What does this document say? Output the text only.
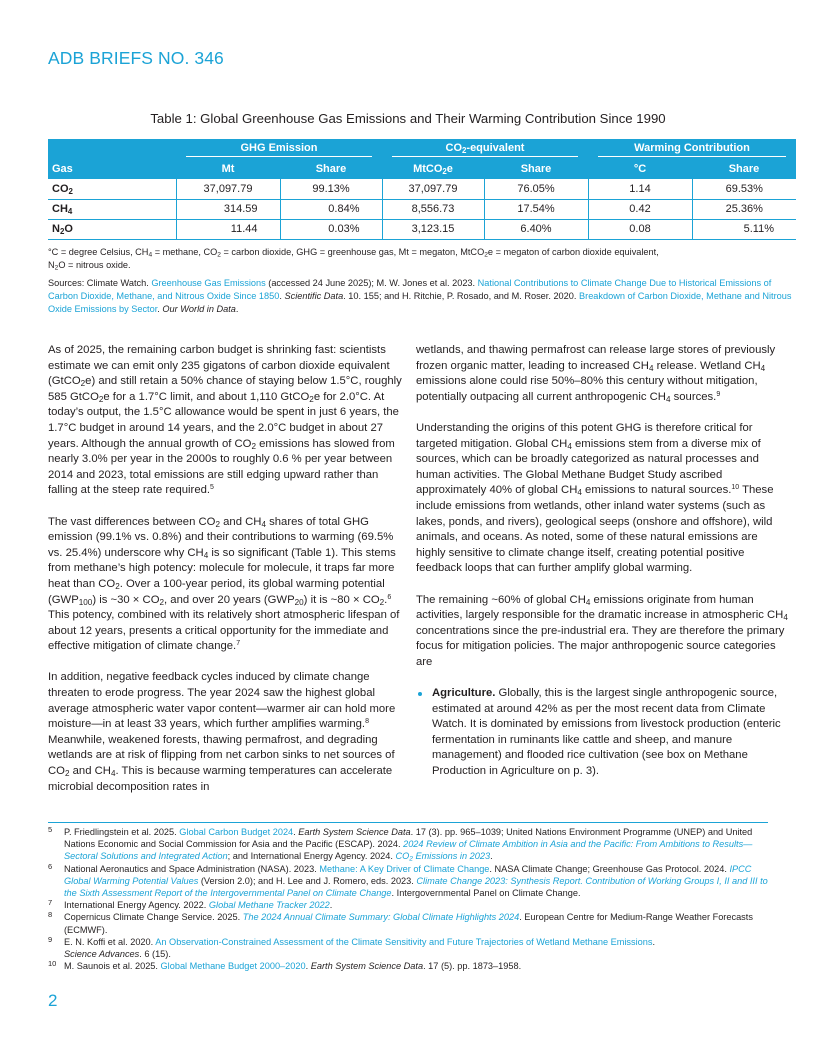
ADB BRIEFS NO. 346
Table 1: Global Greenhouse Gas Emissions and Their Warming Contribution Since 1990

	GHG Emission		$CO_2$-equivalent		Warming Contribution	

Gas	Mt	Share	MtCO$_2$e	Share	°C	Share
$CO_2$	37,097.79	99.13%	37,097.79	76.05%	1.14	69.53%
$CH_4$	314.59	0.84%	8,556.73	17.54%	0.42	25.36%
$N_2O$	11.44	0.03%	3,123.15	6.40%	0.08	5.11%

°C = degree Celsius, $CH_4$ = methane, $CO_2$ = carbon dioxide, GHG = greenhouse gas, Mt = megaton, MtCO$_2$e = megaton of carbon dioxide equivalent,
$N_2O$ = nitrous oxide.

Sources: Climate Watch. Greenhouse Gas Emissions (accessed 24 June 2025); M. W. Jones et al. 2023. National Contributions to Climate Change Due to Historical Emissions of Carbon Dioxide, Methane, and Nitrous Oxide Since 1850. Scientific Data. 10. 155; and H. Ritchie, P. Rosado, and M. Roser. 2020. Breakdown of Carbon Dioxide, Methane and Nitrous Oxide Emissions by Sector. Our World in Data.

As of 2025, the remaining carbon budget is shrinking fast: scientists estimate we can emit only 235 gigatons of carbon dioxide equivalent (GtCO$_2$e) and still retain a 50% chance of staying below 1.5°C, roughly 585 GtCO$_2$e for a 1.7°C limit, and about 1,110 GtCO$_2$e for 2.0°C. At today’s output, the 1.5°C allowance would be spent in just 6 years, the 1.7°C budget in around 14 years, and the 2.0°C budget in about 27 years. Although the annual growth of $CO_2$ emissions has slowed from nearly 3.0% per year in the 2000s to roughly 0.6 % per year between 2014 and 2023, total emissions are still edging upward rather than falling at the steep rate required.$^5$

The vast differences between $CO_2$ and $CH_4$ shares of total GHG emission (99.1% vs. 0.8%) and their contributions to warming (69.5% vs. 25.4%) underscore why $CH_4$ is so significant (Table 1). This stems from methane’s high potency: molecule for molecule, it traps far more heat than $CO_2$. Over a 100-year period, its global warming potential $(GWP_{100})$ is ~30 × $CO_2$, and over 20 years $(GWP_{20})$ it is ~80 × $CO_2.^6$ This potency, combined with its relatively short atmospheric lifespan of about 12 years, presents a critical opportunity for the immediate and effective mitigation of climate change.$^7$

In addition, negative feedback cycles induced by climate change threaten to erode progress. The year 2024 saw the highest global average atmospheric water vapor content—warmer air can hold more moisture—in at least 33 years, which further amplifies warming.$^8$ Meanwhile, weakened forests, thawing permafrost, and degrading wetlands are at risk of flipping from net carbon sinks to net sources of $CO_2$ and $CH_4$. This is because warming temperatures can accelerate microbial decomposition rates in

wetlands, and thawing permafrost can release large stores of previously frozen organic matter, leading to increased $CH_4$ release. Wetland $CH_4$ emissions alone could rise 50%–80% this century without mitigation, potentially outpacing all current anthropogenic $CH_4$ sources.$^9$

Understanding the origins of this potent GHG is therefore critical for targeted mitigation. Global $CH_4$ emissions stem from a diverse mix of sources, which can be broadly categorized as natural processes and human activities. The Global Methane Budget Study ascribed approximately 40% of global $CH_4$ emissions to natural sources.$^{10}$ These include emissions from wetlands, other inland water systems (such as lakes, ponds, and rivers), geological seeps (onshore and offshore), wild animals, and oceans. As noted, some of these natural emissions are highly sensitive to climate change itself, creating potential positive feedback loops that can further amplify global warming.

The remaining ~60% of global $CH_4$ emissions originate from human activities, largely responsible for the dramatic increase in atmospheric $CH_4$ concentrations since the pre-industrial era. They are therefore the primary focus for mitigation policies. The major anthropogenic source categories are

Agriculture. Globally, this is the largest single anthropogenic source, estimated at around 42% as per the most recent data from Climate Watch. It is dominated by emissions from livestock production (enteric fermentation in ruminants like cattle and sheep, and manure management) and flooded rice cultivation (see box on Methane Production in Agriculture on p. 3).
5 P. Friedlingstein et al. 2025. Global Carbon Budget 2024. Earth System Science Data. 17 (3). pp. 965–1039; United Nations Environment Programme (UNEP) and United Nations Economic and Social Commission for Asia and the Pacific (ESCAP). 2024. 2024 Review of Climate Ambition in Asia and the Pacific: From Ambitions to Results—Sectoral Solutions and Integrated Action; and International Energy Agency. 2024. $CO_2$ Emissions in 2023.
6 National Aeronautics and Space Administration (NASA). 2023. Methane: A Key Driver of Climate Change. NASA Climate Change; Greenhouse Gas Protocol. 2024. IPCC Global Warming Potential Values (Version 2.0); and H. Lee and J. Romero, eds. 2023. Climate Change 2023: Synthesis Report. Contribution of Working Groups I, II and III to the Sixth Assessment Report of the Intergovernmental Panel on Climate Change. Intergovernmental Panel on Climate Change.
7 International Energy Agency. 2022. Global Methane Tracker 2022.
8 Copernicus Climate Change Service. 2025. The 2024 Annual Climate Summary: Global Climate Highlights 2024. European Centre for Medium-Range Weather Forecasts (ECMWF).
9 E. N. Koffi et al. 2020. An Observation-Constrained Assessment of the Climate Sensitivity and Future Trajectories of Wetland Methane Emissions.
Science Advances. 6 (15).
10 M. Saunois et al. 2025. Global Methane Budget 2000–2020. Earth System Science Data. 17 (5). pp. 1873–1958.
2
